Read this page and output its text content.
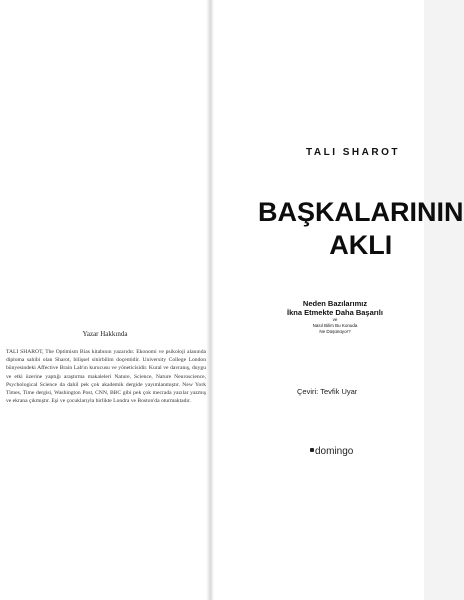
Yazar Hakkında

TALI SHAROT, The Optimism Bias kitabının yazarıdır. Ekonomi ve psikoloji alanında diploma sahibi olan Sharot, bilişsel sinirbilim doçentidir. University College London bünyesindeki Affective Brain Lab'ın kurucusu ve yöneticisidir. Kural ve davranış, duygu ve etki üzerine yaptığı araştırma makaleleri Nature, Science, Nature Neuroscience, Psychological Science da dahil pek çok akademik dergide yayımlanmıştır. New York Times, Time dergisi, Washington Post, CNN, BBC gibi pek çok mecrada yazılar yazmış ve ekrana çıkmıştır. Eşi ve çocuklarıyla birlikte Londra ve Boston'da oturmaktadır.

TALI SHAROT
BAŞKALARININ
AKLI
Neden Bazılarımız
İkna Etmekte Daha Başarılı
ve
Nasıl Bilim Bu Konuda
Ne Düşünüyor?
Çeviri: Tevfik Uyar
domingo
